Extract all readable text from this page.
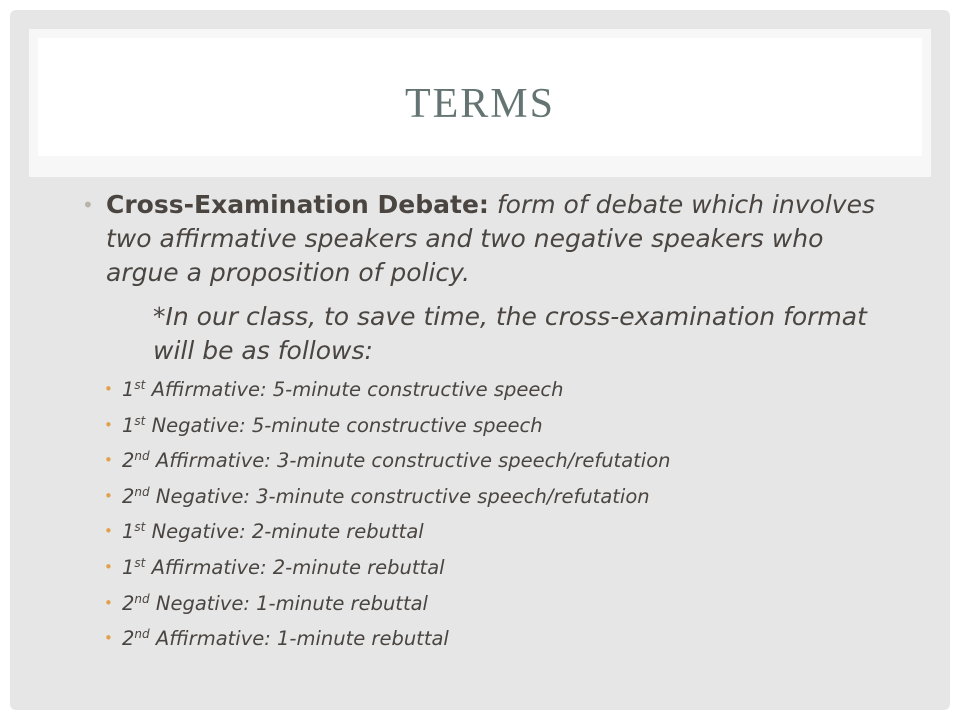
TERMS
• Cross-Examination Debate: form of debate which involves two affirmative speakers and two negative speakers who argue a proposition of policy.
*In our class, to save time, the cross-examination format will be as follows:
• 1st Affirmative: 5-minute constructive speech
• 1st Negative: 5-minute constructive speech
• 2nd Affirmative: 3-minute constructive speech/refutation
• 2nd Negative: 3-minute constructive speech/refutation
• 1st Negative: 2-minute rebuttal
• 1st Affirmative: 2-minute rebuttal
• 2nd Negative: 1-minute rebuttal
• 2nd Affirmative: 1-minute rebuttal
